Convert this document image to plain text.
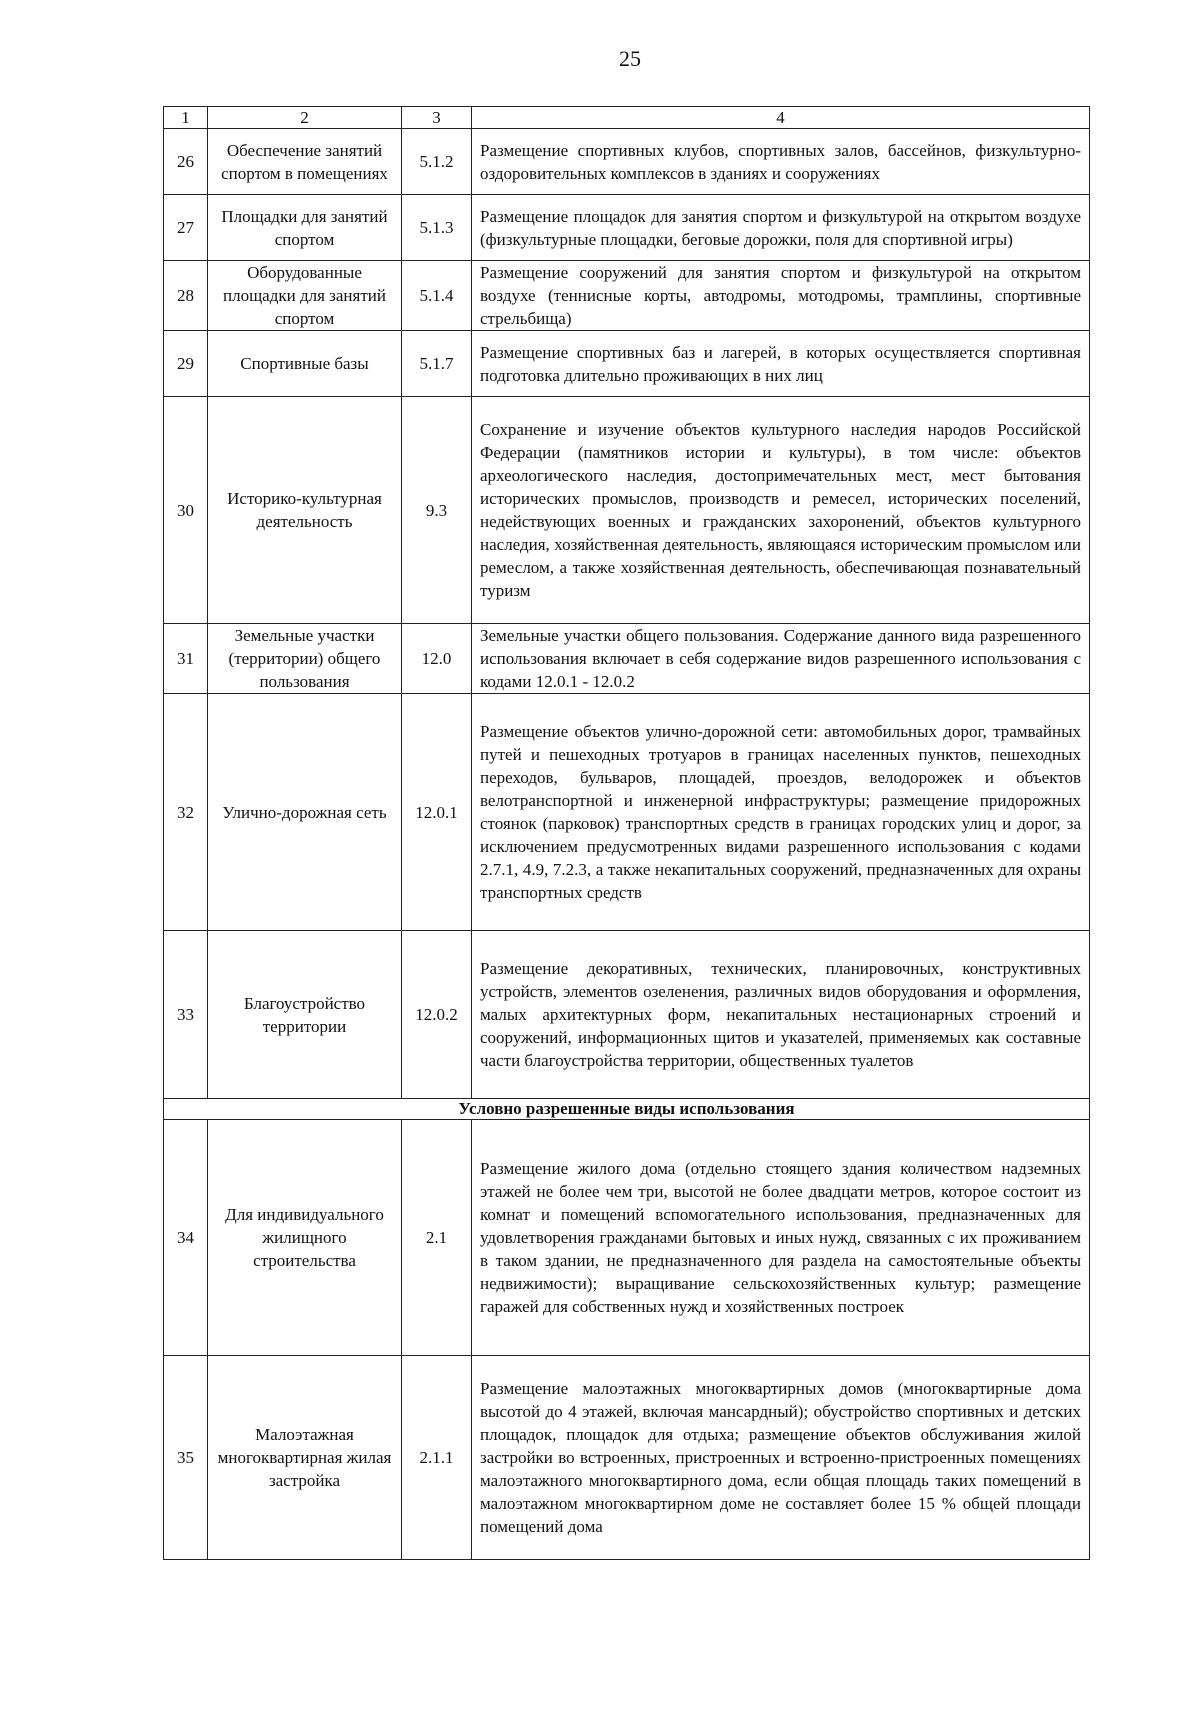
25
1	2	3	4
26	Обеспечение занятий спортом в помещениях	5.1.2	Размещение спортивных клубов, спортивных залов, бассейнов, физкультурно-оздоровительных комплексов в зданиях и сооружениях
27	Площадки для занятий спортом	5.1.3	Размещение площадок для занятия спортом и физкультурой на открытом воздухе (физкультурные площадки, беговые дорожки, поля для спортивной игры)
28	Оборудованные площадки для занятий спортом	5.1.4	Размещение сооружений для занятия спортом и физкультурой на открытом воздухе (теннисные корты, автодромы, мотодромы, трамплины, спортивные стрельбища)
29	Спортивные базы	5.1.7	Размещение спортивных баз и лагерей, в которых осуществляется спортивная подготовка длительно проживающих в них лиц
30	Историко-культурная деятельность	9.3	Сохранение и изучение объектов культурного наследия народов Российской Федерации (памятников истории и культуры), в том числе: объектов археологического наследия, достопримечательных мест, мест бытования исторических промыслов, производств и ремесел, исторических поселений, недействующих военных и гражданских захоронений, объектов культурного наследия, хозяйственная деятельность, являющаяся историческим промыслом или ремеслом, а также хозяйственная деятельность, обеспечивающая познавательный туризм
31	Земельные участки (территории) общего пользования	12.0	Земельные участки общего пользования. Содержание данного вида разрешенного использования включает в себя содержание видов разрешенного использования с кодами 12.0.1 - 12.0.2
32	Улично-дорожная сеть	12.0.1	Размещение объектов улично-дорожной сети: автомобильных дорог, трамвайных путей и пешеходных тротуаров в границах населенных пунктов, пешеходных переходов, бульваров, площадей, проездов, велодорожек и объектов велотранспортной и инженерной инфраструктуры; размещение придорожных стоянок (парковок) транспортных средств в границах городских улиц и дорог, за исключением предусмотренных видами разрешенного использования с кодами 2.7.1, 4.9, 7.2.3, а также некапитальных сооружений, предназначенных для охраны транспортных средств
33	Благоустройство территории	12.0.2	Размещение декоративных, технических, планировочных, конструктивных устройств, элементов озеленения, различных видов оборудования и оформления, малых архитектурных форм, некапитальных нестационарных строений и сооружений, информационных щитов и указателей, применяемых как составные части благоустройства территории, общественных туалетов
Условно разрешенные виды использования			
34	Для индивидуального жилищного строительства	2.1	Размещение жилого дома (отдельно стоящего здания количеством надземных этажей не более чем три, высотой не более двадцати метров, которое состоит из комнат и помещений вспомогательного использования, предназначенных для удовлетворения гражданами бытовых и иных нужд, связанных с их проживанием в таком здании, не предназначенного для раздела на самостоятельные объекты недвижимости); выращивание сельскохозяйственных культур; размещение гаражей для собственных нужд и хозяйственных построек
35	Малоэтажная многоквартирная жилая застройка	2.1.1	Размещение малоэтажных многоквартирных домов (многоквартирные дома высотой до 4 этажей, включая мансардный); обустройство спортивных и детских площадок, площадок для отдыха; размещение объектов обслуживания жилой застройки во встроенных, пристроенных и встроенно-пристроенных помещениях малоэтажного многоквартирного дома, если общая площадь таких помещений в малоэтажном многоквартирном доме не составляет более 15 % общей площади помещений дома
